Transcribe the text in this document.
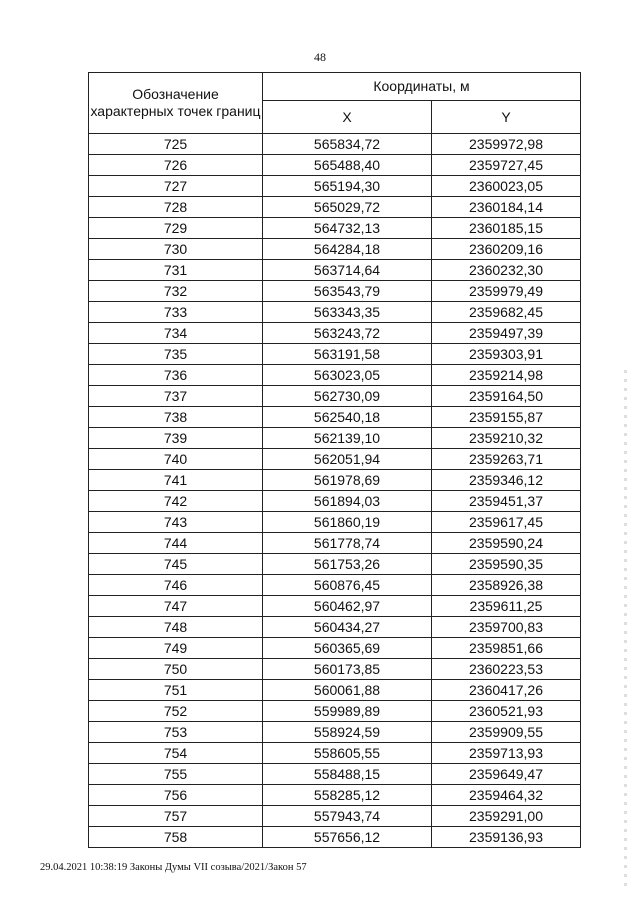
48
Обозначение характерных точек границ	Координаты, м	
	X	Y
725	565834,72	2359972,98
726	565488,40	2359727,45
727	565194,30	2360023,05
728	565029,72	2360184,14
729	564732,13	2360185,15
730	564284,18	2360209,16
731	563714,64	2360232,30
732	563543,79	2359979,49
733	563343,35	2359682,45
734	563243,72	2359497,39
735	563191,58	2359303,91
736	563023,05	2359214,98
737	562730,09	2359164,50
738	562540,18	2359155,87
739	562139,10	2359210,32
740	562051,94	2359263,71
741	561978,69	2359346,12
742	561894,03	2359451,37
743	561860,19	2359617,45
744	561778,74	2359590,24
745	561753,26	2359590,35
746	560876,45	2358926,38
747	560462,97	2359611,25
748	560434,27	2359700,83
749	560365,69	2359851,66
750	560173,85	2360223,53
751	560061,88	2360417,26
752	559989,89	2360521,93
753	558924,59	2359909,55
754	558605,55	2359713,93
755	558488,15	2359649,47
756	558285,12	2359464,32
757	557943,74	2359291,00
758	557656,12	2359136,93
29.04.2021 10:38:19 Законы Думы VII созыва/2021/Закон 57
